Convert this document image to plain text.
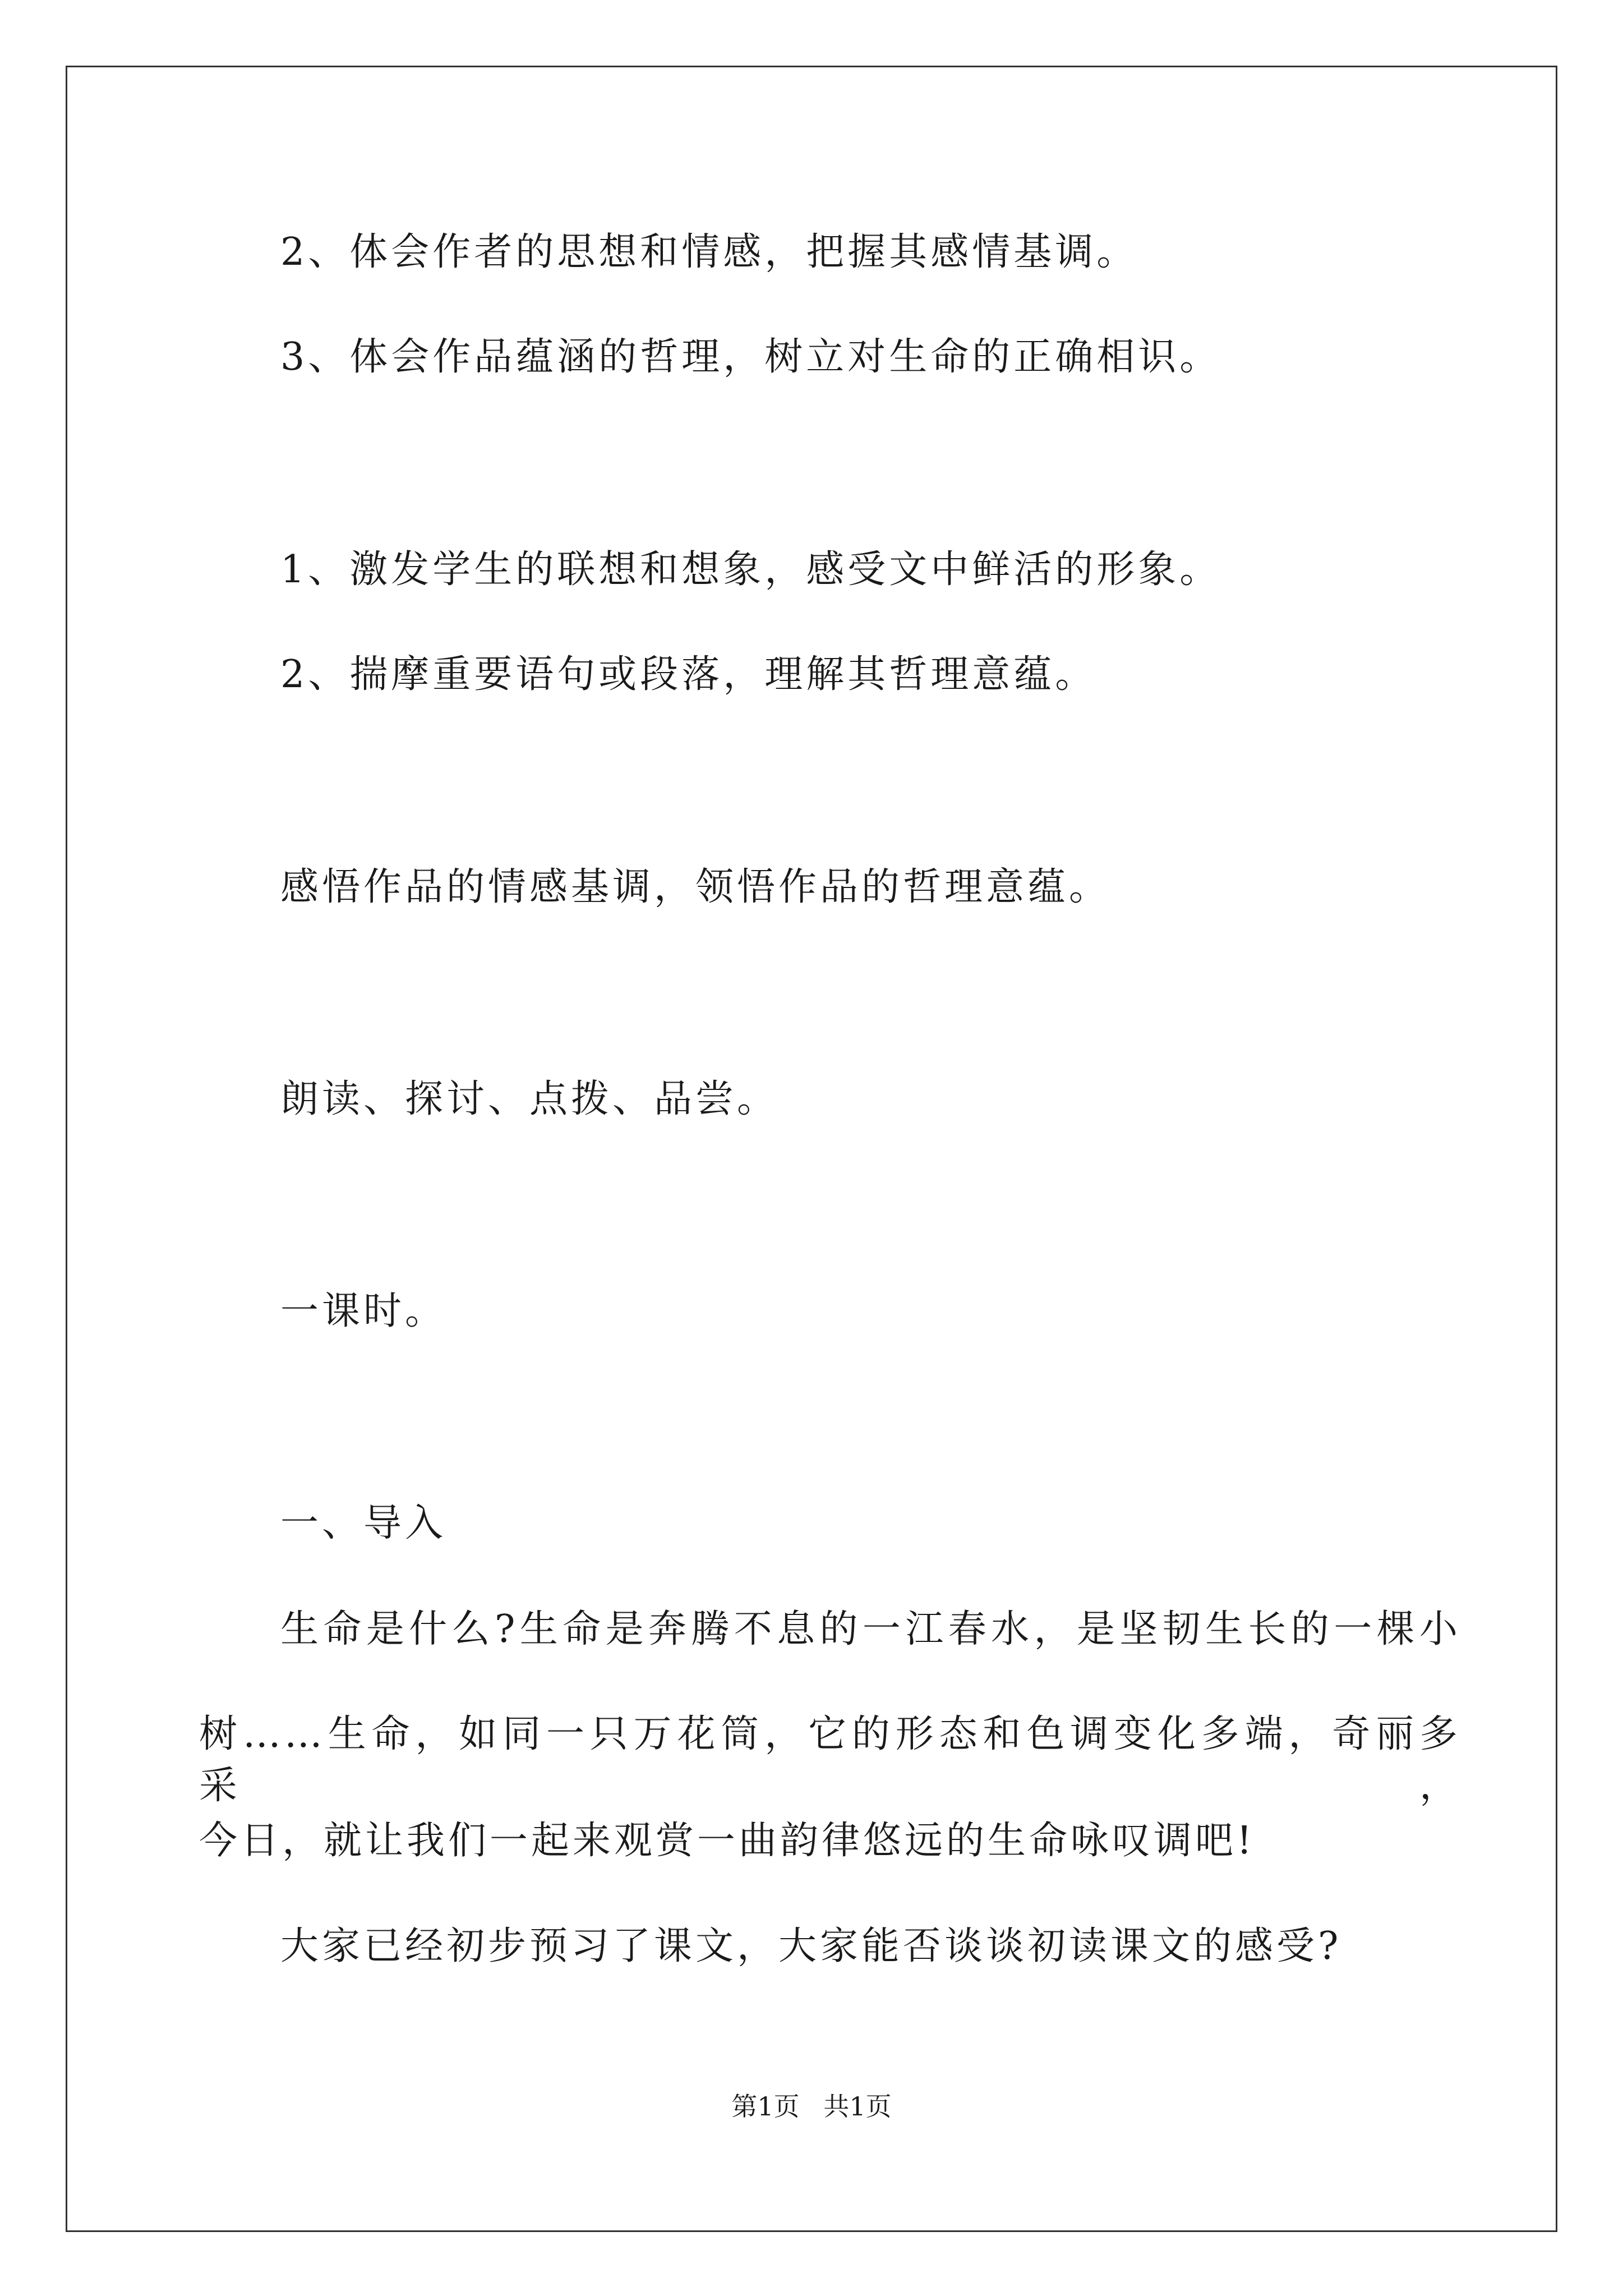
2、体会作者的思想和情感，把握其感情基调。
3、体会作品蕴涵的哲理，树立对生命的正确相识。
1、激发学生的联想和想象，感受文中鲜活的形象。
2、揣摩重要语句或段落，理解其哲理意蕴。
感悟作品的情感基调，领悟作品的哲理意蕴。
朗读、探讨、点拨、品尝。
一课时。
一、导入
生命是什么?生命是奔腾不息的一江春水，是坚韧生长的一棵小
树……生命，如同一只万花筒，它的形态和色调变化多端，奇丽多采，
今日，就让我们一起来观赏一曲韵律悠远的生命咏叹调吧!
大家已经初步预习了课文，大家能否谈谈初读课文的感受?
第1页 共1页
